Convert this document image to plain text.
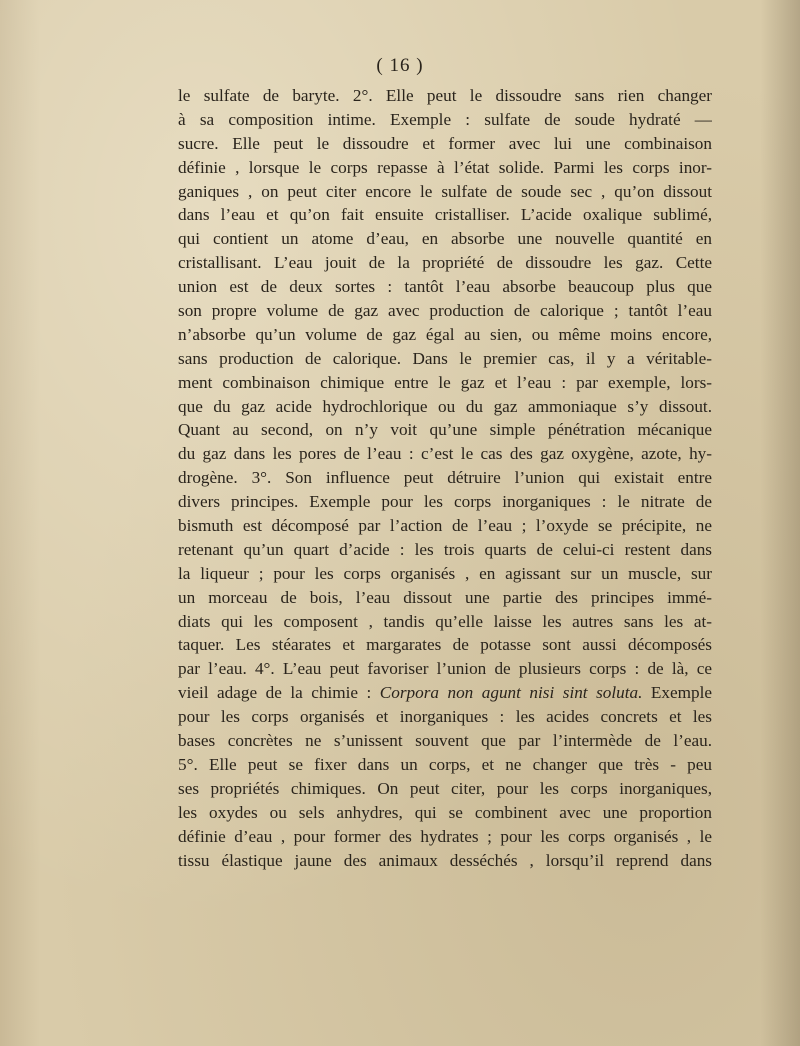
( 16 )
le sulfate de baryte. 2°. Elle peut le dissoudre sans rien changer
à sa composition intime. Exemple : sulfate de soude hydraté —
sucre. Elle peut le dissoudre et former avec lui une combinaison
définie , lorsque le corps repasse à l’état solide. Parmi les corps inor-
ganiques , on peut citer encore le sulfate de soude sec , qu’on dissout
dans l’eau et qu’on fait ensuite cristalliser. L’acide oxalique sublimé,
qui contient un atome d’eau, en absorbe une nouvelle quantité en
cristallisant. L’eau jouit de la propriété de dissoudre les gaz. Cette
union est de deux sortes : tantôt l’eau absorbe beaucoup plus que
son propre volume de gaz avec production de calorique ; tantôt l’eau
n’absorbe qu’un volume de gaz égal au sien, ou même moins encore,
sans production de calorique. Dans le premier cas, il y a véritable-
ment combinaison chimique entre le gaz et l’eau : par exemple, lors-
que du gaz acide hydrochlorique ou du gaz ammoniaque s’y dissout.
Quant au second, on n’y voit qu’une simple pénétration mécanique
du gaz dans les pores de l’eau : c’est le cas des gaz oxygène, azote, hy-
drogène. 3°. Son influence peut détruire l’union qui existait entre
divers principes. Exemple pour les corps inorganiques : le nitrate de
bismuth est décomposé par l’action de l’eau ; l’oxyde se précipite, ne
retenant qu’un quart d’acide : les trois quarts de celui-ci restent dans
la liqueur ; pour les corps organisés , en agissant sur un muscle, sur
un morceau de bois, l’eau dissout une partie des principes immé-
diats qui les composent , tandis qu’elle laisse les autres sans les at-
taquer. Les stéarates et margarates de potasse sont aussi décomposés
par l’eau. 4°. L’eau peut favoriser l’union de plusieurs corps : de là, ce
vieil adage de la chimie : Corpora non agunt nisi sint soluta. Exemple
pour les corps organisés et inorganiques : les acides concrets et les
bases concrètes ne s’unissent souvent que par l’intermède de l’eau.
5°. Elle peut se fixer dans un corps, et ne changer que très - peu
ses propriétés chimiques. On peut citer, pour les corps inorganiques,
les oxydes ou sels anhydres, qui se combinent avec une proportion
définie d’eau , pour former des hydrates ; pour les corps organisés , le
tissu élastique jaune des animaux desséchés , lorsqu’il reprend dans
